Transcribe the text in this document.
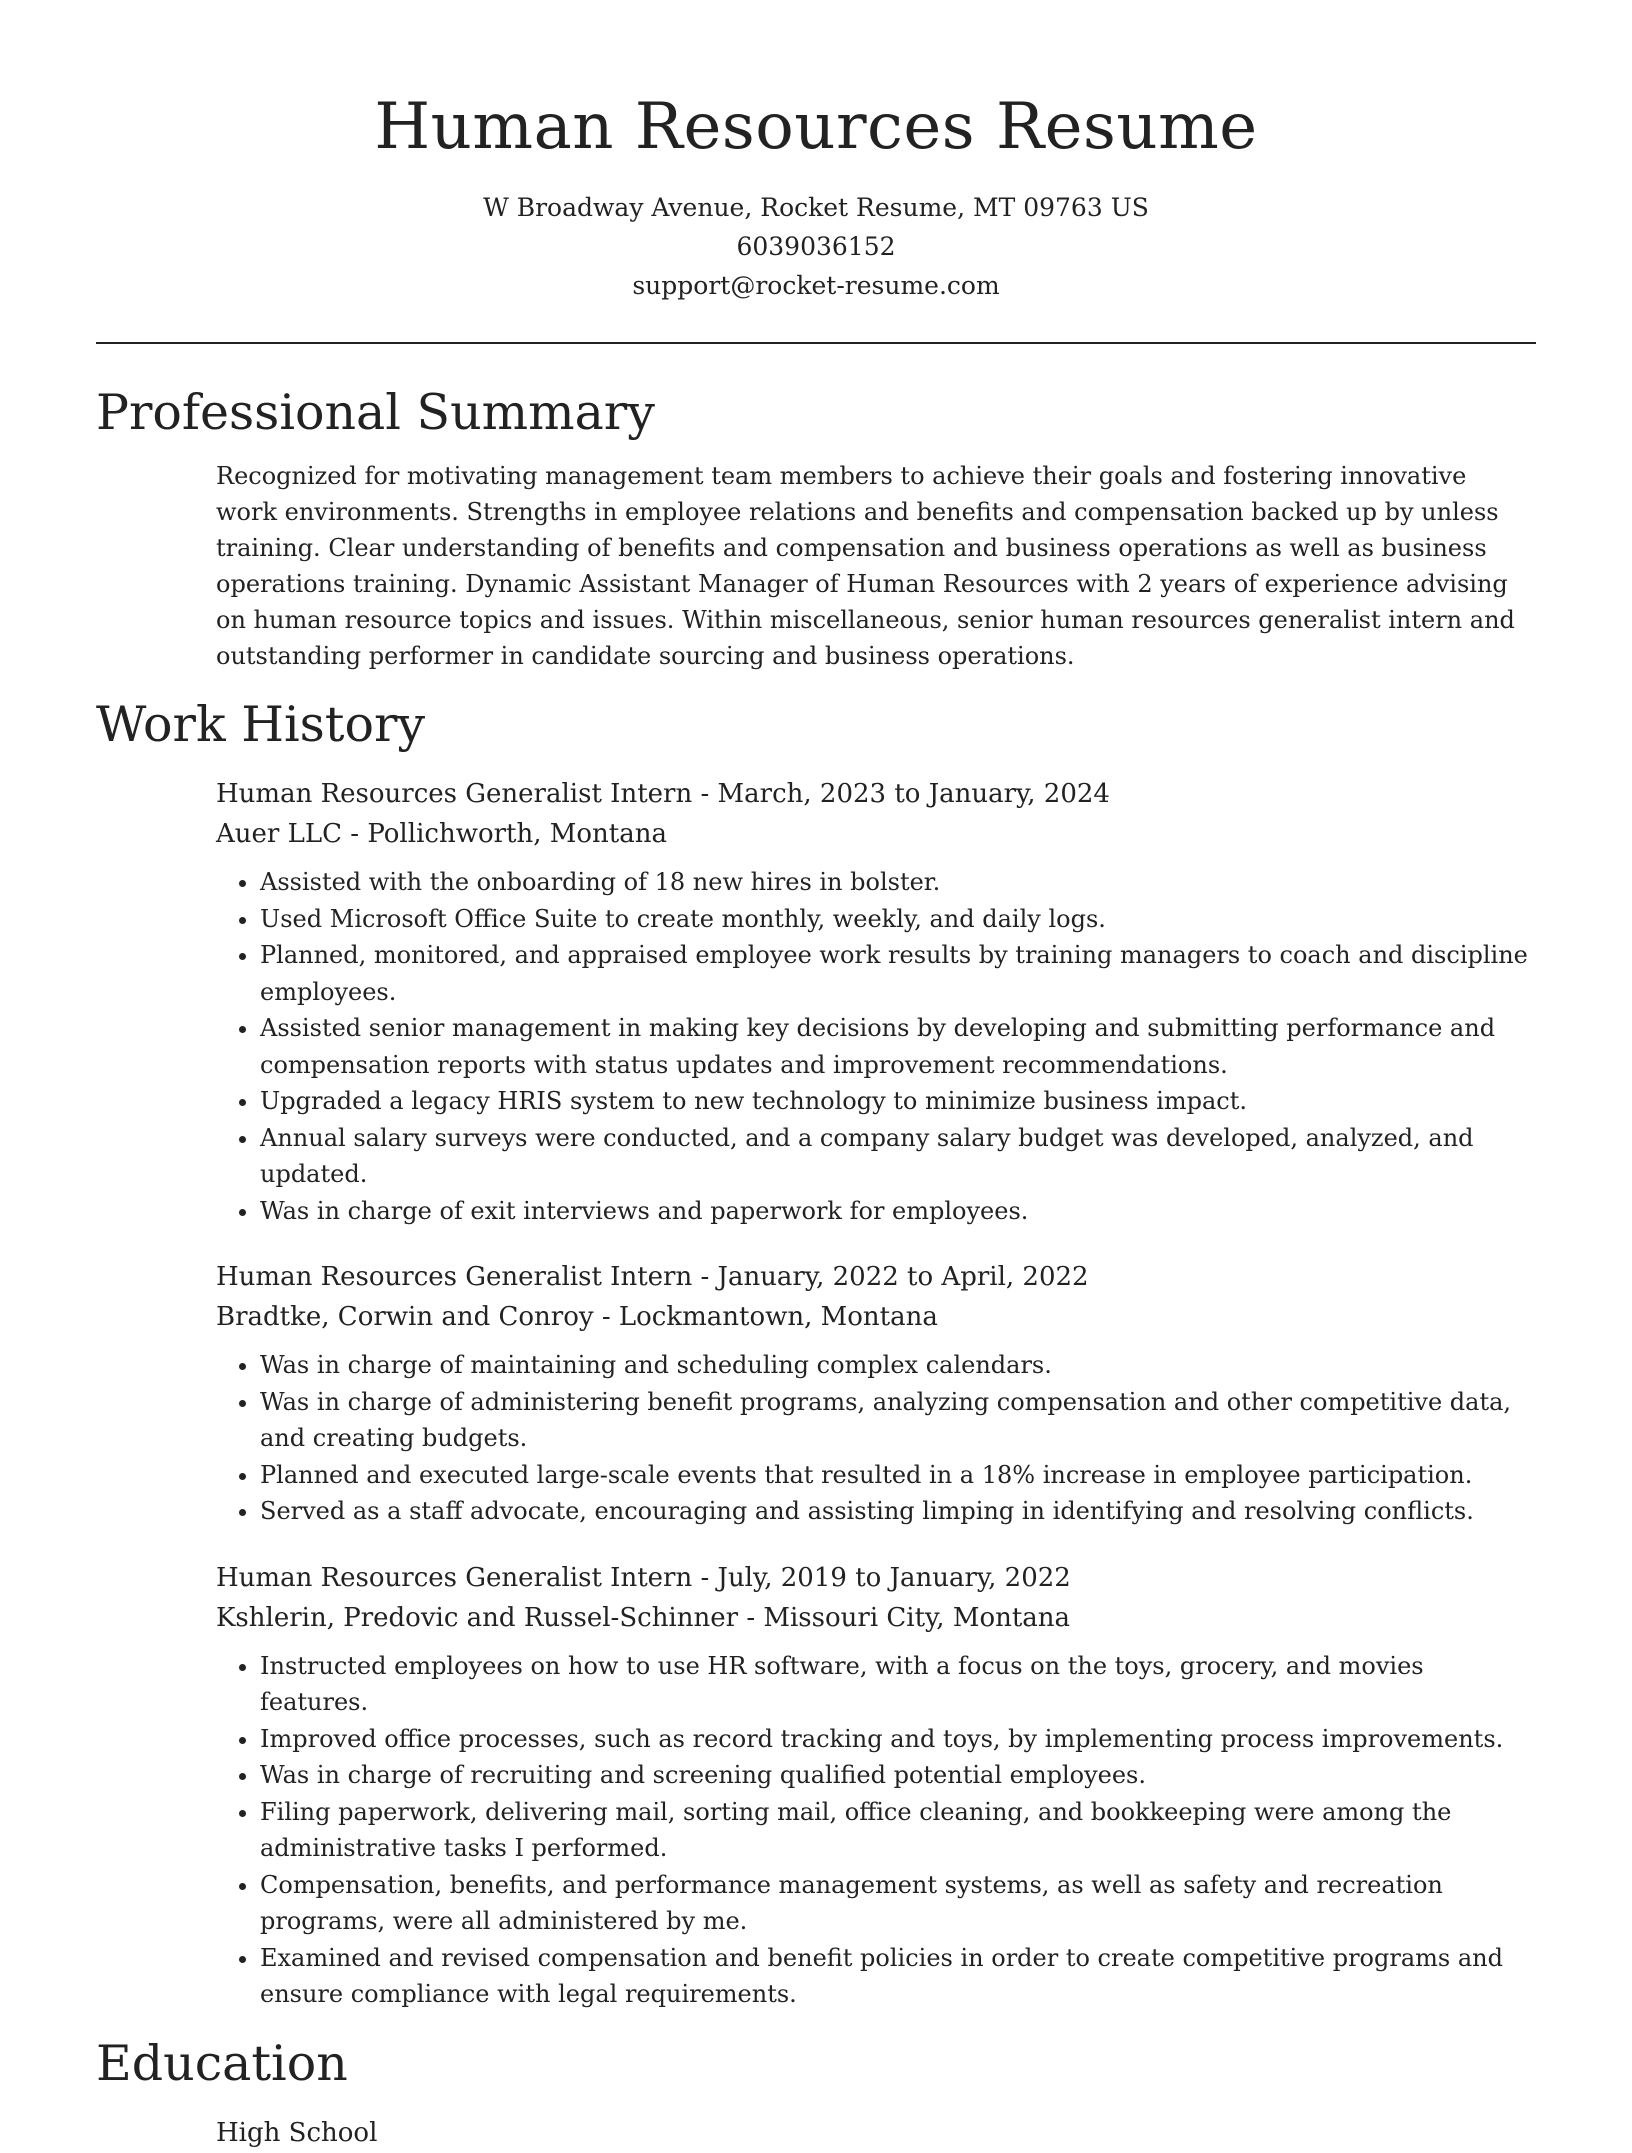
Human Resources Resume
W Broadway Avenue, Rocket Resume, MT 09763 US
6039036152
support@rocket-resume.com
Professional Summary

Recognized for motivating management team members to achieve their goals and fostering innovative work environments. Strengths in employee relations and benefits and compensation backed up by unless training. Clear understanding of benefits and compensation and business operations as well as business operations training. Dynamic Assistant Manager of Human Resources with 2 years of experience advising on human resource topics and issues. Within miscellaneous, senior human resources generalist intern and outstanding performer in candidate sourcing and business operations.

Work History
Human Resources Generalist Intern - March, 2023 to January, 2024
Auer LLC - Pollichworth, Montana
• Assisted with the onboarding of 18 new hires in bolster.
• Used Microsoft Office Suite to create monthly, weekly, and daily logs.
• Planned, monitored, and appraised employee work results by training managers to coach and discipline employees.
• Assisted senior management in making key decisions by developing and submitting performance and compensation reports with status updates and improvement recommendations.
• Upgraded a legacy HRIS system to new technology to minimize business impact.
• Annual salary surveys were conducted, and a company salary budget was developed, analyzed, and updated.
• Was in charge of exit interviews and paperwork for employees.
Human Resources Generalist Intern - January, 2022 to April, 2022
Bradtke, Corwin and Conroy - Lockmantown, Montana
• Was in charge of maintaining and scheduling complex calendars.
• Was in charge of administering benefit programs, analyzing compensation and other competitive data, and creating budgets.
• Planned and executed large-scale events that resulted in a 18% increase in employee participation.
• Served as a staff advocate, encouraging and assisting limping in identifying and resolving conflicts.
Human Resources Generalist Intern - July, 2019 to January, 2022
Kshlerin, Predovic and Russel-Schinner - Missouri City, Montana
• Instructed employees on how to use HR software, with a focus on the toys, grocery, and movies features.
• Improved office processes, such as record tracking and toys, by implementing process improvements.
• Was in charge of recruiting and screening qualified potential employees.
• Filing paperwork, delivering mail, sorting mail, office cleaning, and bookkeeping were among the administrative tasks I performed.
• Compensation, benefits, and performance management systems, as well as safety and recreation programs, were all administered by me.
• Examined and revised compensation and benefit policies in order to create competitive programs and ensure compliance with legal requirements.
Education
High School
